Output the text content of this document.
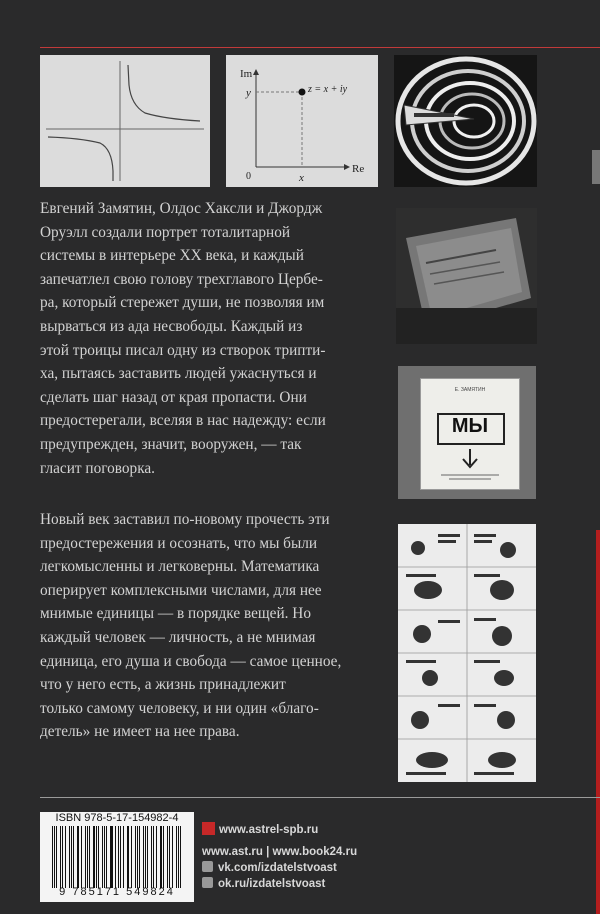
Im
Re
y
x
0
z = x + iy
Евгений Замятин, Олдос Хаксли и Джордж
Оруэлл создали портрет тоталитарной
системы в интерьере XX века, и каждый
запечатлел свою голову трехглавого Цербе-
ра, который стережет души, не позволяя им
вырваться из ада несвободы. Каждый из
этой троицы писал одну из створок трипти-
ха, пытаясь заставить людей ужаснуться и
сделать шаг назад от края пропасти. Они
предостерегали, вселяя в нас надежду: если
предупрежден, значит, вооружен, — так
гласит поговорка.
Е. ЗАМЯТИН
МЫ
Новый век заставил по-новому прочесть эти
предостережения и осознать, что мы были
легкомысленны и легковерны. Математика
оперирует комплексными числами, для нее
мнимые единицы — в порядке вещей. Но
каждый человек — личность, а не мнимая
единица, его душа и свобода — самое ценное,
что у него есть, а жизнь принадлежит
только самому человеку, и ни один «благо-
детель» не имеет на нее права.
ISBN 978-5-17-154982-4
9 785171 549824
www.astrel-spb.ru
www.ast.ru | www.book24.ru
vk.com/izdatelstvoast
ok.ru/izdatelstvoast
